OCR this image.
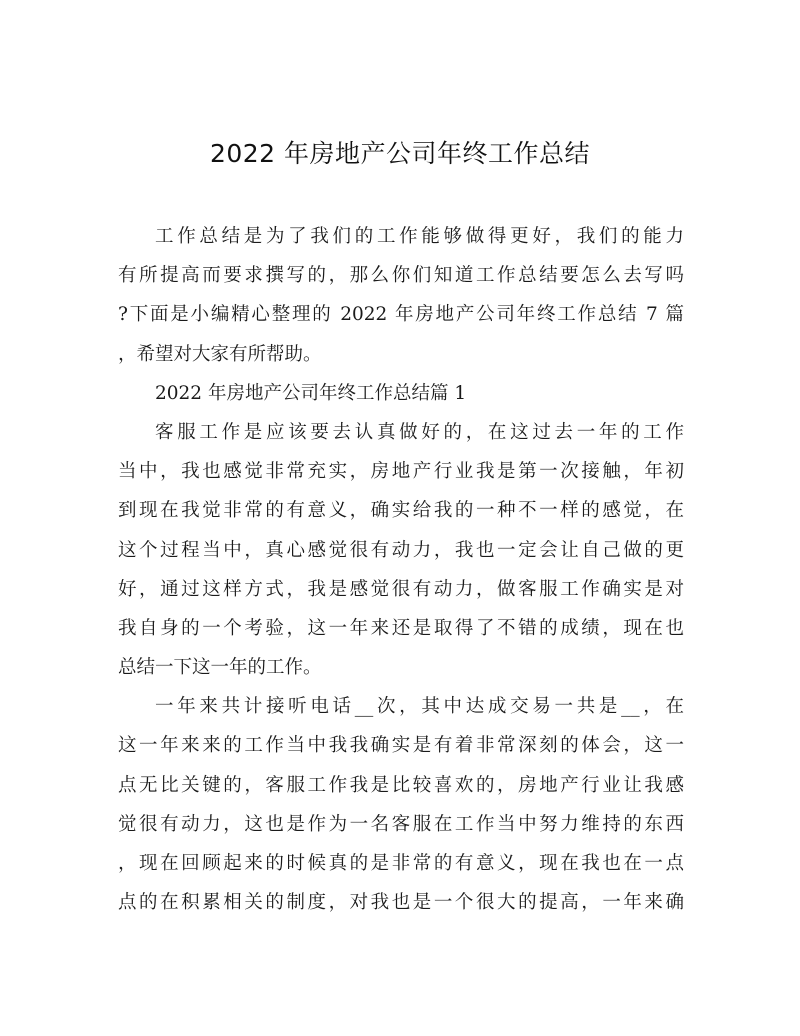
2022 年房地产公司年终工作总结
工作总结是为了我们的工作能够做得更好，我们的能力
有所提高而要求撰写的，那么你们知道工作总结要怎么去写吗
?下面是小编精心整理的 2022 年房地产公司年终工作总结 7 篇
，希望对大家有所帮助。
2022 年房地产公司年终工作总结篇 1
客服工作是应该要去认真做好的，在这过去一年的工作
当中，我也感觉非常充实，房地产行业我是第一次接触，年初
到现在我觉非常的有意义，确实给我的一种不一样的感觉，在
这个过程当中，真心感觉很有动力，我也一定会让自己做的更
好，通过这样方式，我是感觉很有动力，做客服工作确实是对
我自身的一个考验，这一年来还是取得了不错的成绩，现在也
总结一下这一年的工作。
一年来共计接听电话__次，其中达成交易一共是__，在
这一年来来的工作当中我我确实是有着非常深刻的体会，这一
点无比关键的，客服工作我是比较喜欢的，房地产行业让我感
觉很有动力，这也是作为一名客服在工作当中努力维持的东西
，现在回顾起来的时候真的是非常的有意义，现在我也在一点
点的在积累相关的制度，对我也是一个很大的提高，一年来确
